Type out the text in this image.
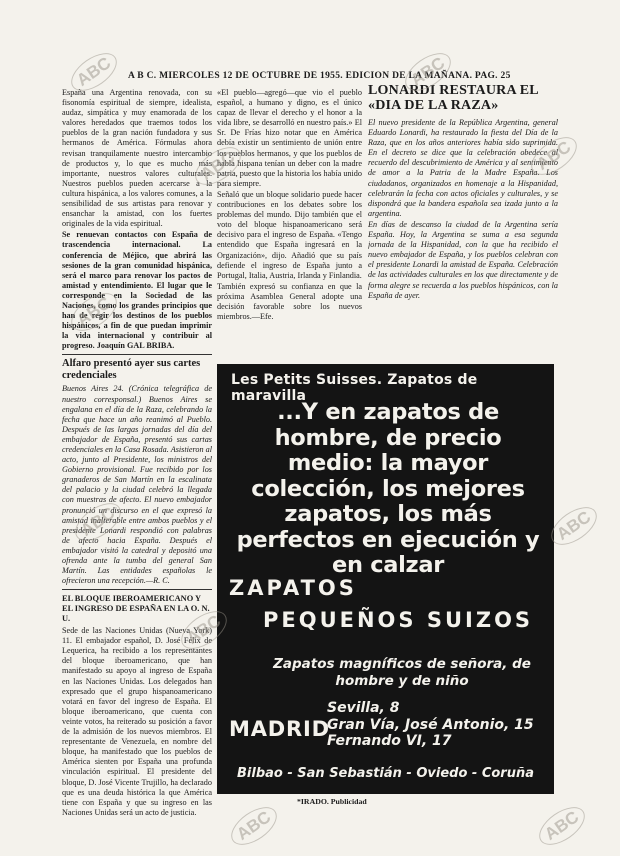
A B C. MIERCOLES 12 DE OCTUBRE DE 1955. EDICION DE LA MAÑANA. PAG. 25

España una Argentina renovada, con su fisonomía espiritual de siempre, idealista, audaz, simpática y muy enamorada de los valores heredados que traemos todos los pueblos de la gran nación fundadora y sus hermanos de América. Fórmulas ahora revisan tranquilamente nuestro intercambio de productos y, lo que es mucho más importante, nuestros valores culturales. Nuestros pueblos pueden acercarse a la cultura hispánica, a los valores comunes, a la sensibilidad de sus artistas para renovar y ensanchar la amistad, con los fuertes originales de la vida espiritual.

Se renuevan contactos con España de trascendencia internacional. La conferencia de Méjico, que abrirá las sesiones de la gran comunidad hispánica, será el marco para renovar los pactos de amistad y entendimiento. El lugar que le corresponde en la Sociedad de las Naciones, como los grandes principios que han de regir los destinos de los pueblos hispánicos, a fin de que puedan imprimir la vida internacional y contribuir al progreso. Joaquín GAL BRIBA.

Alfaro presentó ayer sus cartes credenciales

Buenos Aires 24. (Crónica telegráfica de nuestro corresponsal.) Buenos Aires se engalana en el día de la Raza, celebrando la fecha que hace un año reanimó al Pueblo. Después de las largas jornadas del día del embajador de España, presentó sus cartas credenciales en la Casa Rosada. Asistieron al acto, junto al Presidente, los ministros del Gobierno provisional. Fue recibido por los granaderos de San Martín en la escalinata del palacio y la ciudad celebró la llegada con muestras de afecto. El nuevo embajador pronunció un discurso en el que expresó la amistad inalterable entre ambos pueblos y el presidente Lonardi respondió con palabras de afecto hacia España. Después el embajador visitó la catedral y depositó una ofrenda ante la tumba del general San Martín. Las entidades españolas le ofrecieron una recepción.—R. C.

EL BLOQUE IBEROAMERICANO Y EL INGRESO DE ESPAÑA EN LA O. N. U.

Sede de las Naciones Unidas (Nueva York) 11. El embajador español, D. José Félix de Lequerica, ha recibido a los representantes del bloque iberoamericano, que han manifestado su apoyo al ingreso de España en las Naciones Unidas. Los delegados han expresado que el grupo hispanoamericano votará en favor del ingreso de España. El bloque iberoamericano, que cuenta con veinte votos, ha reiterado su posición a favor de la admisión de los nuevos miembros. El representante de Venezuela, en nombre del bloque, ha manifestado que los pueblos de América sienten por España una profunda vinculación espiritual. El presidente del bloque, D. José Vicente Trujillo, ha declarado que es una deuda histórica la que América tiene con España y que su ingreso en las Naciones Unidas será un acto de justicia.

«El pueblo—agregó—que vio el pueblo español, a humano y digno, es el único capaz de llevar el derecho y el honor a la vida libre, se desarrolló en nuestro país.» El Sr. De Frías hizo notar que en América debía existir un sentimiento de unión entre los pueblos hermanos, y que los pueblos de habla hispana tenían un deber con la madre patria, puesto que la historia los había unido para siempre.

Señaló que un bloque solidario puede hacer contribuciones en los debates sobre los problemas del mundo. Dijo también que el voto del bloque hispanoamericano será decisivo para el ingreso de España. «Tengo entendido que España ingresará en la Organización», dijo. Añadió que su país defiende el ingreso de España junto a Portugal, Italia, Austria, Irlanda y Finlandia.

También expresó su confianza en que la próxima Asamblea General adopte una decisión favorable sobre los nuevos miembros.—Efe.

LONARDI RESTAURA EL «DIA DE LA RAZA»

El nuevo presidente de la República Argentina, general Eduardo Lonardi, ha restaurado la fiesta del Día de la Raza, que en los años anteriores había sido suprimida. En el decreto se dice que la celebración obedece al recuerdo del descubrimiento de América y al sentimiento de amor a la Patria de la Madre España. Los ciudadanos, organizados en homenaje a la Hispanidad, celebrarán la fecha con actos oficiales y culturales, y se dispondrá que la bandera española sea izada junto a la argentina.

En días de descanso la ciudad de la Argentina sería España. Hoy, la Argentina se suma a esa segunda jornada de la Hispanidad, con la que ha recibido el nuevo embajador de España, y los pueblos celebran con el presidente Lonardi la amistad de España. Celebración de las actividades culturales en los que directamente y de forma alegre se recuerda a los pueblos hispánicos, con la España de ayer.

Les Petits Suisses. Zapatos de maravilla
...Y en zapatos de hombre, de precio medio: la mayor colección, los mejores zapatos, los más perfectos en ejecución y en calzar
ZAPATOS
PEQUEÑOS SUIZOS
Zapatos magníficos de señora, de hombre y de niño
MADRID
Sevilla, 8
Gran Vía, José Antonio, 15
Fernando VI, 17
Bilbao - San Sebastián - Oviedo - Coruña
*IRADO. Publicidad
ABC	ABC
ABC	ABC
ABC
ABC	ABC
ABC
ABC	ABC
